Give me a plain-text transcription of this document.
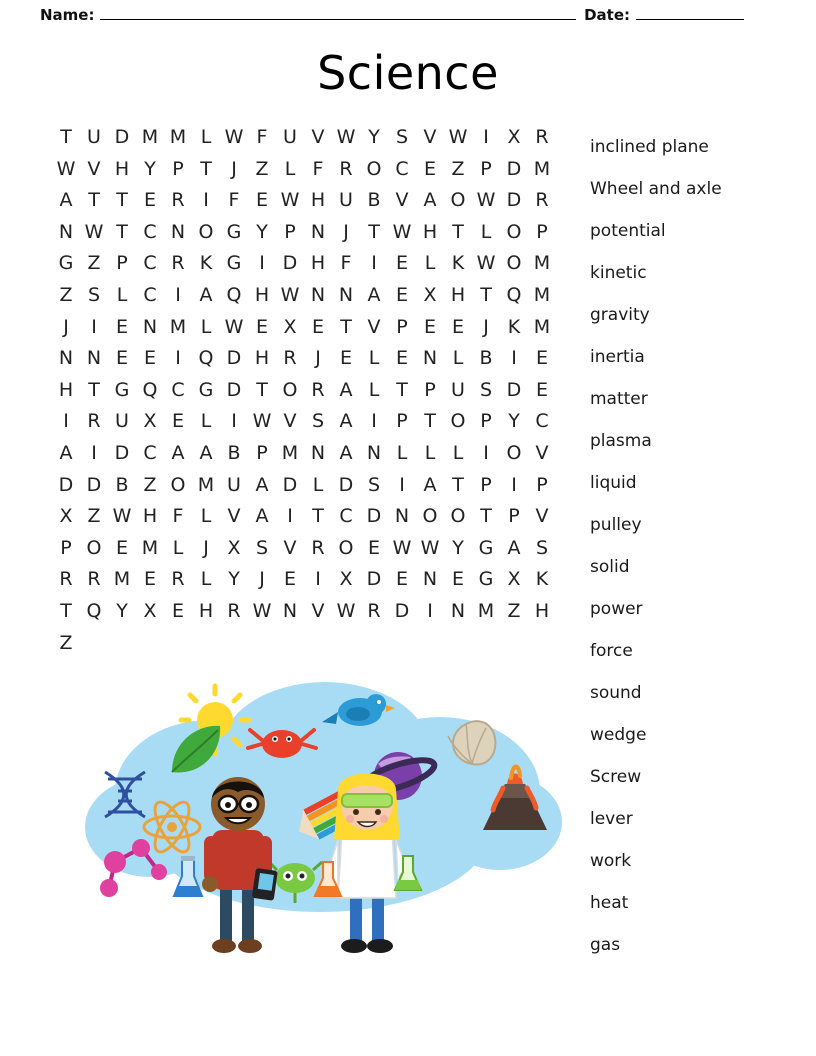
Name:	Date:
Science
T U D M M L W F U V W Y S V W I X R
W V H Y P T	J Z L F R O C E Z P D M
A T T E R I	F E W H U B V A O W D R
N W T C N O G Y P N J	T W H T L O P
G Z P C R K G I D H F	I	E L K W O M
Z S L C I A Q H W N N A E X H T Q M
J	I	E N M L W E X E T V P E E	J K M
N N E E	I Q D H R J	E L E N L B I	E
H T G Q C G D T O R A L T P U S D E
I R U X E L	I W V S A I	P T O P Y C
A I D C A A B P M N A N L L L	I O V
D D B Z O M U A D L D S	I A T P	I	P
X Z W H F L V A I	T C D N O O T P V
P O E M L	J X S V R O E W W Y G A S
R R M E R L Y	J	E	I X D E N E G X K
T Q Y X E H R W N V W R D I N M Z H
Z
inclined plane
Wheel and axle
potential
kinetic
gravity
inertia
matter
plasma
liquid
pulley
solid
power
force
sound
wedge
Screw
lever
work
heat
gas
